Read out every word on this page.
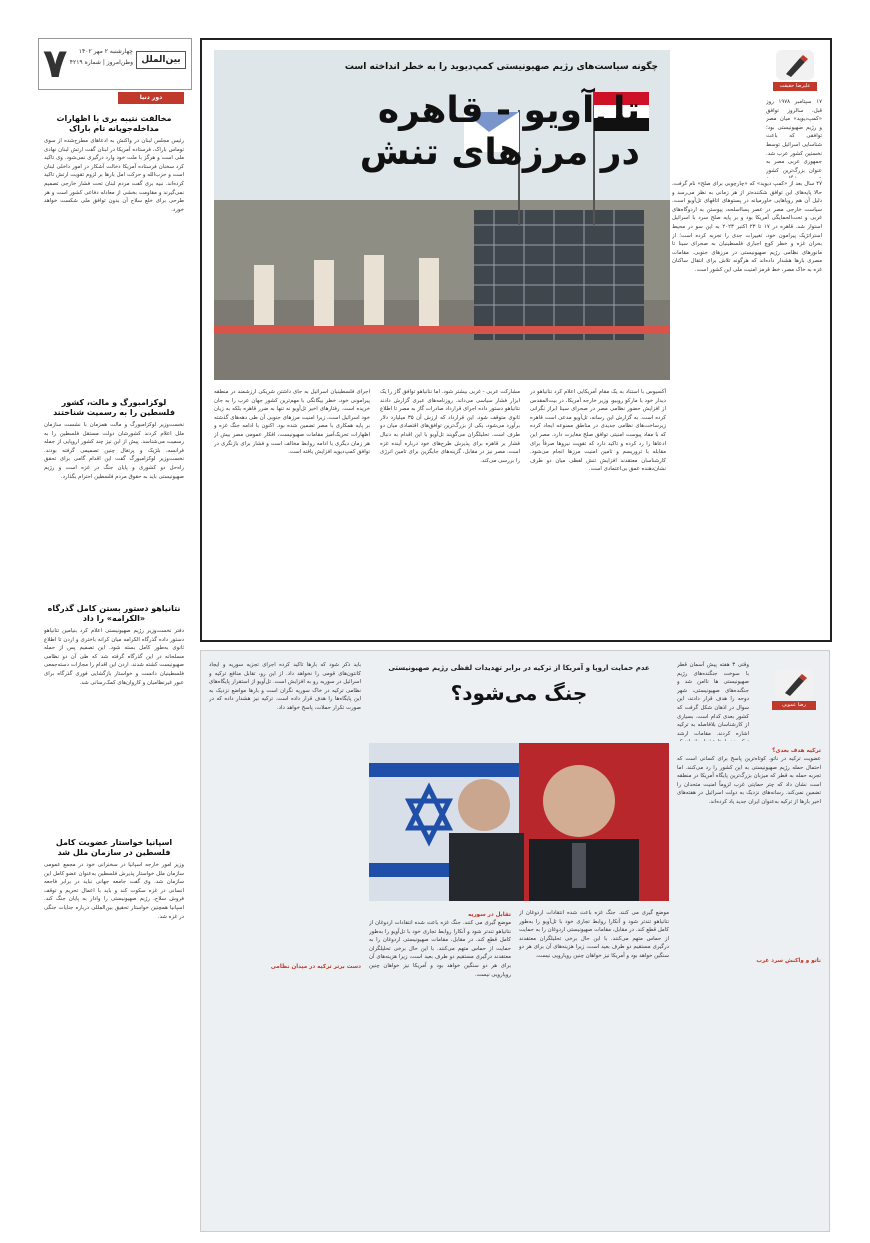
۷ چهارشنبه ۲ مهر ۱۴۰۲
وطن‌امروز | شماره ۴۲۱۹ بین‌الملل
دور دنیا
مخالفت نتیبه بری با اظهارات مداخله‌جویانه تام باراک
رئیس مجلس لبنان در واکنش به ادعاهای مطرح‌شده از سوی توماس باراک، فرستاده آمریکا در لبنان گفت ارتش لبنان نهادی ملی است و هرگز با ملت خود وارد درگیری نمی‌شود. وی تاکید کرد سخنان فرستاده آمریکا دخالت آشکار در امور داخلی لبنان است و حزب‌الله و حرکت امل بارها بر لزوم تقویت ارتش تاکید کرده‌اند. نبیه بری گفت مردم لبنان تحت فشار خارجی تصمیم نمی‌گیرند و مقاومت بخشی از معادله دفاعی کشور است و هر طرحی برای خلع سلاح آن بدون توافق ملی شکست خواهد خورد.
لوکزامبورگ و مالت، کشور فلسطین را به رسمیت شناختند
نخست‌وزیر لوکزامبورگ و مالت همزمان با نشست سازمان ملل اعلام کردند کشورشان دولت مستقل فلسطین را به رسمیت می‌شناسد. پیش از این نیز چند کشور اروپایی از جمله فرانسه، بلژیک و پرتغال چنین تصمیمی گرفته بودند. نخست‌وزیر لوکزامبورگ گفت این اقدام گامی برای تحقق راه‌حل دو کشوری و پایان جنگ در غزه است و رژیم صهیونیستی باید به حقوق مردم فلسطین احترام بگذارد.
نتانیاهو دستور بستن کامل گذرگاه «الکرامه» را داد
دفتر نخست‌وزیر رژیم صهیونیستی اعلام کرد بنیامین نتانیاهو دستور داده گذرگاه الکرامه میان کرانه باختری و اردن تا اطلاع ثانوی به‌طور کامل بسته شود. این تصمیم پس از حمله مسلحانه در این گذرگاه گرفته شد که طی آن دو نظامی صهیونیست کشته شدند. اردن این اقدام را مجازات دسته‌جمعی فلسطینیان دانست و خواستار بازگشایی فوری گذرگاه برای عبور غیرنظامیان و کاروان‌های کمک‌رسانی شد.
اسپانیا خواستار عضویت کامل فلسطین در سازمان ملل شد
وزیر امور خارجه اسپانیا در سخنرانی خود در مجمع عمومی سازمان ملل خواستار پذیرش فلسطین به‌عنوان عضو کامل این سازمان شد. وی گفت جامعه جهانی نباید در برابر فاجعه انسانی در غزه سکوت کند و باید با اعمال تحریم و توقف فروش سلاح، رژیم صهیونیستی را وادار به پایان جنگ کند. اسپانیا همچنین خواستار تحقیق بین‌المللی درباره جنایات جنگی در غزه شد.
علیرضا حقیقت
۱۷ سپتامبر ۱۹۷۸ روز قبل، سالروز توافق «کمپ‌دیوید» میان مصر و رژیم صهیونیستی بود؛ توافقی که باعث شناسایی اسرائیل توسط نخستین کشور عرب شد. جمهوری عربی مصر به عنوان بزرگ‌ترین کشور
۴۷ سال بعد از «کمپ دیوید» که «چارچوبی برای صلح» نام گرفت، حالا پایه‌های این توافق شکننده‌تر از هر زمانی به نظر می‌رسد و دلیل آن هم رویاهایی خاورمیانه در پستوهای اتاقهای تل‌آویو است. سیاست خارجی مصر در عصر پسااسلحه، پیوستن به اردوگاه‌های غربی و تحت‌الحمایگی آمریکا بود و بر پایه صلح سرد با اسرائیل استوار شد. قاهره در ۱۷ تا ۲۳ اکتبر ۲۰۲۳ به این سو در محیط استراتژیک پیرامون خود، تغییرات جدی را تجربه کرده است؛ از بحران غزه و خطر کوچ اجباری فلسطینیان به صحرای سینا تا مانورهای نظامی رژیم صهیونیستی در مرزهای جنوبی. مقامات مصری بارها هشدار داده‌اند که هرگونه تلاش برای انتقال ساکنان غزه به خاک مصر، خط قرمز امنیت ملی این کشور است.
چگونه سیاست‌های رژیم صهیونیستی کمپ‌دیوید را به خطر انداخته است
تل‌آویو - قاهره
در مرزهای تنش
آکسیوس با استناد به یک مقام آمریکایی اعلام کرد نتانیاهو در دیدار خود با مارکو روبیو، وزیر خارجه آمریکا، در بیت‌المقدس از افزایش حضور نظامی مصر در صحرای سینا ابراز نگرانی کرده است. به گزارش این رسانه، تل‌آویو مدعی است قاهره زیرساخت‌های نظامی جدیدی در مناطق ممنوعه ایجاد کرده که با مفاد پیوست امنیتی توافق صلح مغایرت دارد. مصر این ادعاها را رد کرده و تاکید دارد که تقویت نیروها صرفاً برای مقابله با تروریسم و تامین امنیت مرزها انجام می‌شود. کارشناسان معتقدند افزایش تنش لفظی میان دو طرف نشان‌دهنده عمق بی‌اعتمادی است.
مشارکت عربی - غربی بیشتر شود. اما نتانیاهو توافق گاز را یک ابزار فشار سیاسی می‌داند. روزنامه‌های عبری گزارش دادند نتانیاهو دستور داده اجرای قرارداد صادرات گاز به مصر تا اطلاع ثانوی متوقف شود. این قرارداد که ارزش آن ۳۵ میلیارد دلار برآورد می‌شود، یکی از بزرگ‌ترین توافق‌های اقتصادی میان دو طرف است. تحلیلگران می‌گویند تل‌آویو با این اقدام به دنبال فشار بر قاهره برای پذیرش طرح‌های خود درباره آینده غزه است. مصر نیز در مقابل، گزینه‌های جایگزین برای تامین انرژی را بررسی می‌کند.
اجرای فلسطینیان اسرائیل به جای داشتن شریکی ارزشمند در منطقه پیرامونی خود، خطر بیگانگی با مهم‌ترین کشور جهان عرب را به جان خریده است. رفتارهای اخیر تل‌آویو نه تنها به ضرر قاهره بلکه به زیان خود اسرائیل است، زیرا امنیت مرزهای جنوبی آن طی دهه‌های گذشته بر پایه همکاری با مصر تضمین شده بود. اکنون با ادامه جنگ غزه و اظهارات تحریک‌آمیز مقامات صهیونیست، افکار عمومی مصر بیش از هر زمان دیگری با ادامه روابط مخالف است و فشار برای بازنگری در توافق کمپ‌دیوید افزایش یافته است.
رضا عمویی
وقتی ۳ هفته پیش آسمان قطر با سوخت جنگنده‌های رژیم صهیونیستی ها ناامن شد و جنگنده‌های صهیونیستی، شهر دوحه را هدف قرار دادند، این سوال در اذهان شکل گرفت که کشور بعدی کدام است. بسیاری از کارشناسان بلافاصله به ترکیه اشاره کردند. مقامات ارشد
ترکیه هدف بعدی؟
عضویت ترکیه در ناتو، کوتاه‌ترین پاسخ برای کسانی است که احتمال حمله رژیم صهیونیستی به این کشور را رد می‌کنند. اما تجربه حمله به قطر که میزبان بزرگ‌ترین پایگاه آمریکا در منطقه است نشان داد که چتر حمایتی غرب لزوماً امنیت متحدان را تضمین نمی‌کند. رسانه‌های نزدیک به دولت اسرائیل در هفته‌های اخیر بارها از ترکیه به‌عنوان ایران جدید یاد کرده‌اند.
ناتو و واکنش سرد غرب
عدم حمایت اروپا و آمریکا از ترکیه در برابر تهدیدات لفظی رژیم صهیونیستی
جنگ می‌شود؟
موضع گیری می کنند. جنگ غزه باعث شده انتقادات اردوغان از نتانیاهو تندتر شود و آنکارا روابط تجاری خود با تل‌آویو را به‌طور کامل قطع کند. در مقابل، مقامات صهیونیستی اردوغان را به حمایت از حماس متهم می‌کنند. با این حال برخی تحلیلگران معتقدند درگیری مستقیم دو طرف بعید است، زیرا هزینه‌های آن برای هر دو سنگین خواهد بود و آمریکا نیز خواهان چنین رویارویی نیست.
تقابل در سوریه
موضع گیری می کنند. جنگ غزه باعث شده انتقادات اردوغان از نتانیاهو تندتر شود و آنکارا روابط تجاری خود با تل‌آویو را به‌طور کامل قطع کند. در مقابل، مقامات صهیونیستی اردوغان را به حمایت از حماس متهم می‌کنند. با این حال برخی تحلیلگران معتقدند درگیری مستقیم دو طرف بعید است، زیرا هزینه‌های آن برای هر دو سنگین خواهد بود و آمریکا نیز خواهان چنین رویارویی نیست.
بايد ذكر شود كه بارها تاكيد كرده اجرای تجزیه سوریه و ایجاد کانتون‌های قومی را نخواهد داد. از این رو، تقابل منافع ترکیه و اسرائیل در سوریه رو به افزایش است. تل‌آویو از استقرار پایگاه‌های نظامی ترکیه در خاک سوریه نگران است و بارها مواضع نزدیک به این پایگاه‌ها را هدف قرار داده است. ترکیه نیز هشدار داده که در صورت تکرار حملات، پاسخ خواهد داد.
دست برتر ترکیه در میدان نظامی
